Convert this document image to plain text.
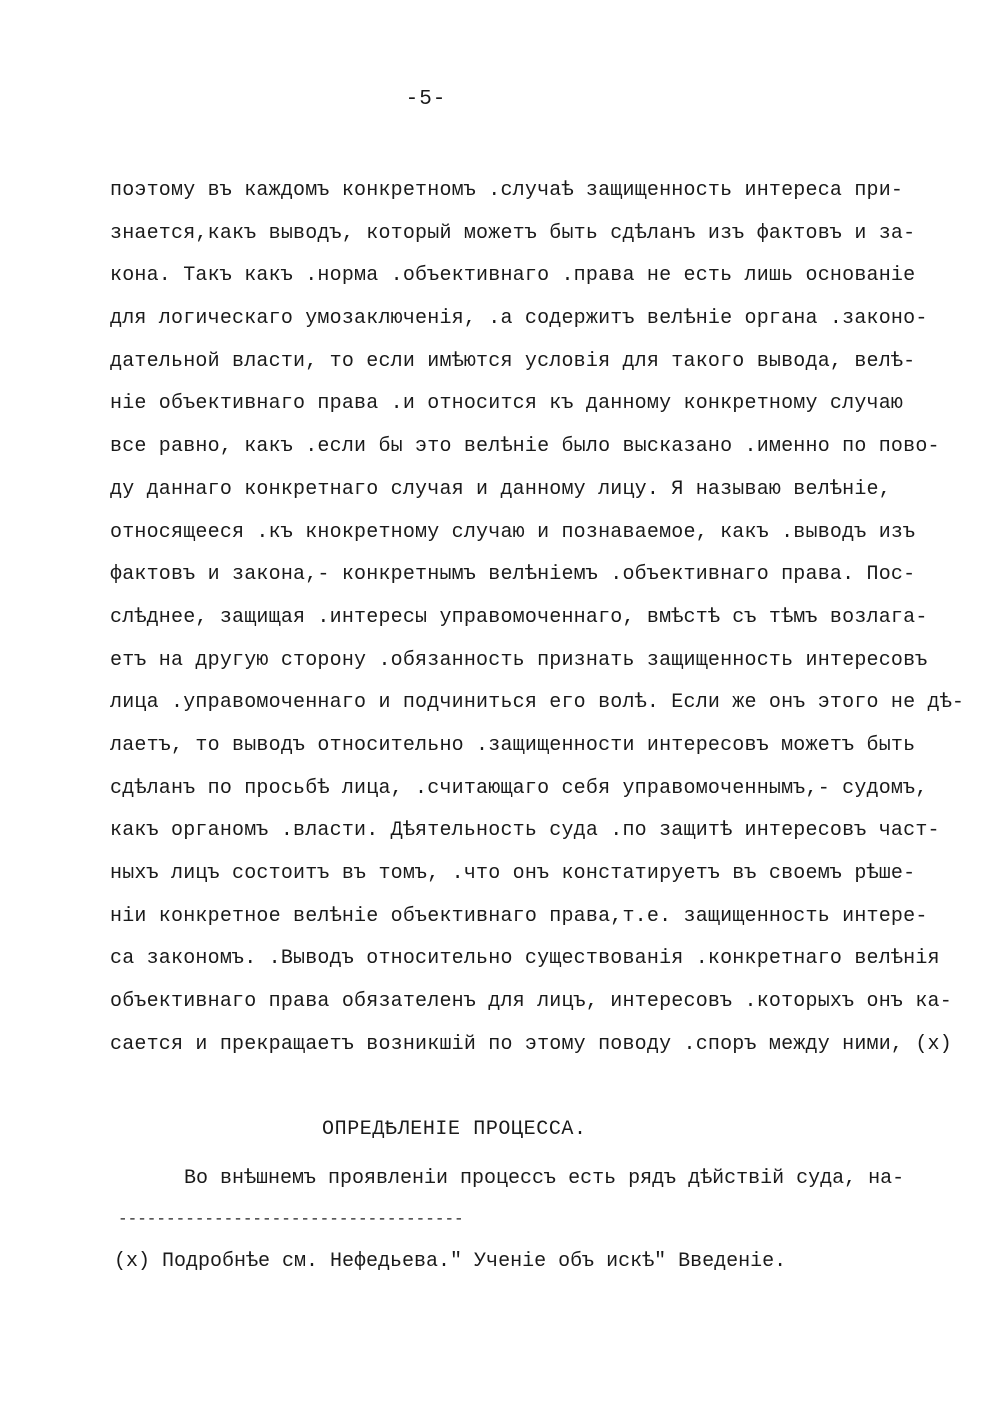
-5-
поэтому въ каждомъ конкретномъ .случаѣ защищенность интереса при-
знается,какъ выводъ, который можетъ быть сдѣланъ изъ фактовъ и за-
кона. Такъ какъ .норма .объективнаго .права не есть лишь основаніе
для логическаго умозаключенія, .а содержитъ велѣніе органа .законо-
дательной власти, то если имѣются условія для такого вывода, велѣ-
ніе объективнаго права .и относится къ данному конкретному случаю
все равно, какъ .если бы это велѣніе было высказано .именно по пово-
ду даннаго конкретнаго случая и данному лицу. Я называю велѣніе,
относящееся .къ кнокретному случаю и познаваемое, какъ .выводъ изъ
фактовъ и закона,- конкретнымъ велѣніемъ .объективнаго права. Пос-
слѣднее, защищая .интересы управомоченнаго, вмѣстѣ съ тѣмъ возлага-
етъ на другую сторону .обязанность признать защищенность интересовъ
лица .управомоченнаго и подчиниться его волѣ. Если же онъ этого не дѣ-
лаетъ, то выводъ относительно .защищенности интересовъ можетъ быть
сдѣланъ по просьбѣ лица, .считающаго себя управомоченнымъ,- судомъ,
какъ органомъ .власти. Дѣятельность суда .по защитѣ интересовъ част-
ныхъ лицъ состоитъ въ томъ, .что онъ констатируетъ въ своемъ рѣше-
ніи конкретное велѣніе объективнаго права,т.е. защищенность интере-
са закономъ. .Выводъ относительно существованія .конкретнаго велѣнія
объективнаго права обязателенъ для лицъ, интересовъ .которыхъ онъ ка-
сается и прекращаетъ возникшій по этому поводу .споръ между ними, (х)
ОПРЕДѢЛЕНІЕ ПРОЦЕССА.
Во внѣшнемъ проявленіи процессъ есть рядъ дѣйствій суда, на-
------------------------------------
(х) Подробнѣе см. Нефедьева." Ученіе объ искѣ" Введеніе.
